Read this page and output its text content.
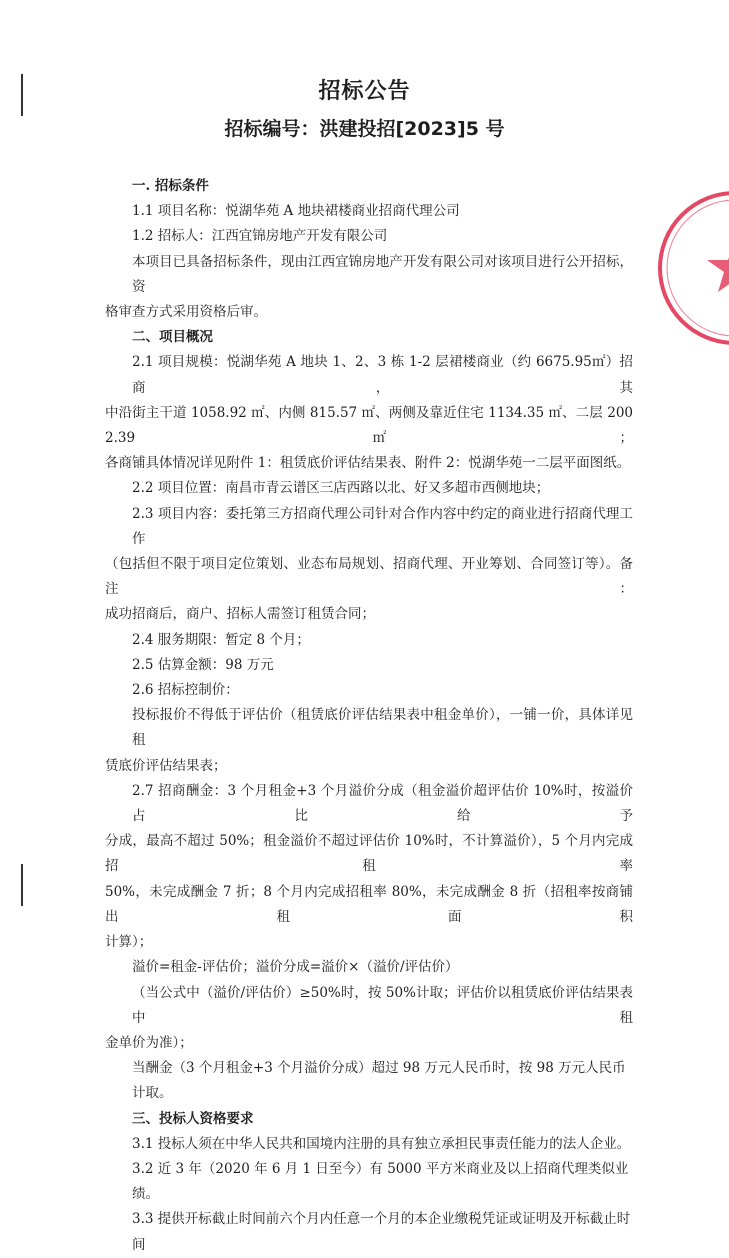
招标公告
招标编号：洪建投招[2023]5 号
一. 招标条件
1.1 项目名称：悦湖华苑 A 地块裙楼商业招商代理公司
1.2 招标人：江西宜锦房地产开发有限公司
本项目已具备招标条件，现由江西宜锦房地产开发有限公司对该项目进行公开招标，资
格审查方式采用资格后审。
二、项目概况
2.1 项目规模：悦湖华苑 A 地块 1、2、3 栋 1-2 层裙楼商业（约 6675.95㎡）招商，其
中沿街主干道 1058.92 ㎡、内侧 815.57 ㎡、两侧及靠近住宅 1134.35 ㎡、二层 2002.39 ㎡；
各商铺具体情况详见附件 1：租赁底价评估结果表、附件 2：悦湖华苑一二层平面图纸。
2.2 项目位置：南昌市青云谱区三店西路以北、好又多超市西侧地块；
2.3 项目内容：委托第三方招商代理公司针对合作内容中约定的商业进行招商代理工作
（包括但不限于项目定位策划、业态布局规划、招商代理、开业筹划、合同签订等）。备注：
成功招商后，商户、招标人需签订租赁合同；
2.4 服务期限：暂定 8 个月；
2.5 估算金额：98 万元
2.6 招标控制价：
投标报价不得低于评估价（租赁底价评估结果表中租金单价），一铺一价，具体详见租
赁底价评估结果表；
2.7 招商酬金：3 个月租金+3 个月溢价分成（租金溢价超评估价 10%时，按溢价占比给予
分成，最高不超过 50%；租金溢价不超过评估价 10%时，不计算溢价），5 个月内完成招租率
50%，未完成酬金 7 折；8 个月内完成招租率 80%，未完成酬金 8 折（招租率按商铺出租面积
计算）；
溢价=租金-评估价；溢价分成=溢价×（溢价/评估价）
（当公式中（溢价/评估价）≥50%时，按 50%计取；评估价以租赁底价评估结果表中租
金单价为准）；
当酬金（3 个月租金+3 个月溢价分成）超过 98 万元人民币时，按 98 万元人民币计取。
三、投标人资格要求
3.1 投标人须在中华人民共和国境内注册的具有独立承担民事责任能力的法人企业。
3.2 近 3 年（2020 年 6 月 1 日至今）有 5000 平方米商业及以上招商代理类似业绩。
3.3 提供开标截止时间前六个月内任意一个月的本企业缴税凭证或证明及开标截止时间
